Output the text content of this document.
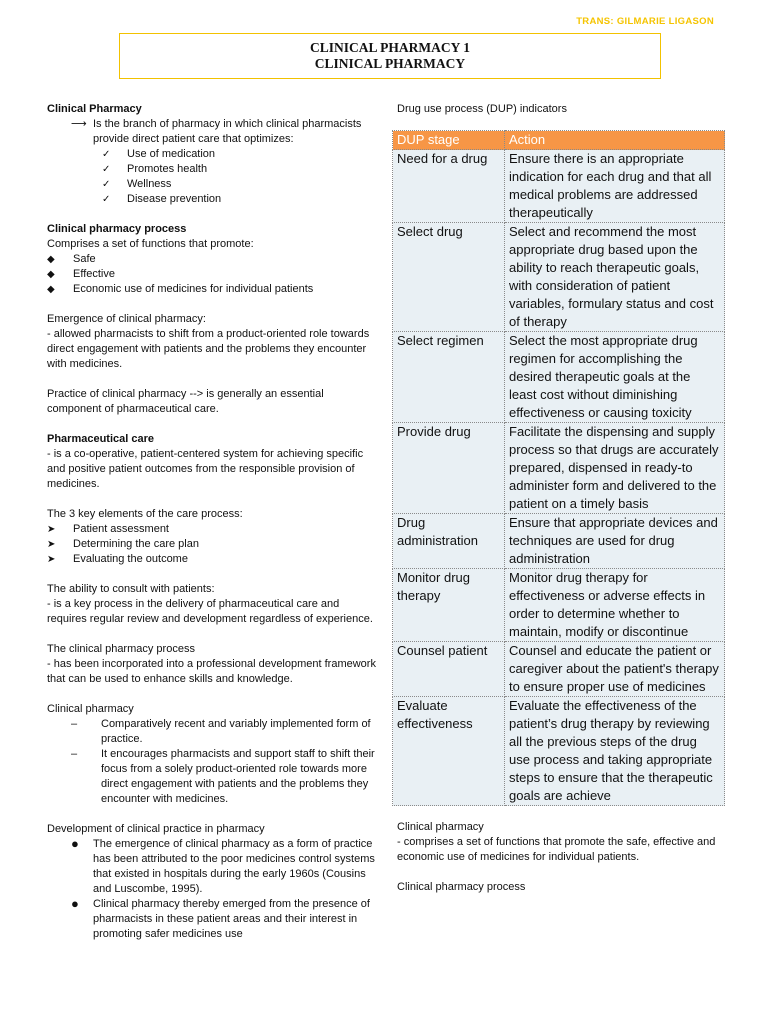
TRANS: GILMARIE LIGASON
CLINICAL PHARMACY 1
CLINICAL PHARMACY

Clinical Pharmacy

⟶ Is the branch of pharmacy in which clinical pharmacists provide direct patient care that optimizes:
✓	Use of medication
✓	Promotes health
✓	Wellness
✓	Disease prevention

Clinical pharmacy process

Comprises a set of functions that promote:

◆	Safe
◆	Effective
◆	Economic use of medicines for individual patients

Emergence of clinical pharmacy:

- allowed pharmacists to shift from a product-oriented role towards direct engagement with patients and the problems they encounter with medicines.

Practice of clinical pharmacy --> is generally an essential component of pharmaceutical care.

Pharmaceutical care

- is a co-operative, patient-centered system for achieving specific and positive patient outcomes from the responsible provision of medicines.

The 3 key elements of the care process:

➤	Patient assessment
➤	Determining the care plan
➤	Evaluating the outcome

The ability to consult with patients:

- is a key process in the delivery of pharmaceutical care and requires regular review and development regardless of experience.

The clinical pharmacy process

- has been incorporated into a professional development framework that can be used to enhance skills and knowledge.

Clinical pharmacy

–	Comparatively recent and variably implemented form of practice.
–	It encourages pharmacists and support staff to shift their focus from a solely product-oriented role towards more direct engagement with patients and the problems they encounter with medicines.

Development of clinical practice in pharmacy

●	The emergence of clinical pharmacy as a form of practice has been attributed to the poor medicines control systems that existed in hospitals during the early 1960s (Cousins and Luscombe, 1995).
●	Clinical pharmacy thereby emerged from the presence of pharmacists in these patient areas and their interest in promoting safer medicines use

Drug use process (DUP) indicators

DUP stage	Action
Need for a drug	Ensure there is an appropriate indication for each drug and that all medical problems are addressed therapeutically
Select drug	Select and recommend the most appropriate drug based upon the ability to reach therapeutic goals, with consideration of patient variables, formulary status and cost of therapy
Select regimen	Select the most appropriate drug regimen for accomplishing the desired therapeutic goals at the least cost without diminishing effectiveness or causing toxicity
Provide drug	Facilitate the dispensing and supply process so that drugs are accurately prepared, dispensed in ready-to administer form and delivered to the patient on a timely basis
Drug administration	Ensure that appropriate devices and techniques are used for drug administration
Monitor drug therapy	Monitor drug therapy for effectiveness or adverse effects in order to determine whether to maintain, modify or discontinue
Counsel patient	Counsel and educate the patient or caregiver about the patient's therapy to ensure proper use of medicines
Evaluate effectiveness	Evaluate the effectiveness of the patient’s drug therapy by reviewing all the previous steps of the drug use process and taking appropriate steps to ensure that the therapeutic goals are achieve

Clinical pharmacy

- comprises a set of functions that promote the safe, effective and economic use of medicines for individual patients.

Clinical pharmacy process
